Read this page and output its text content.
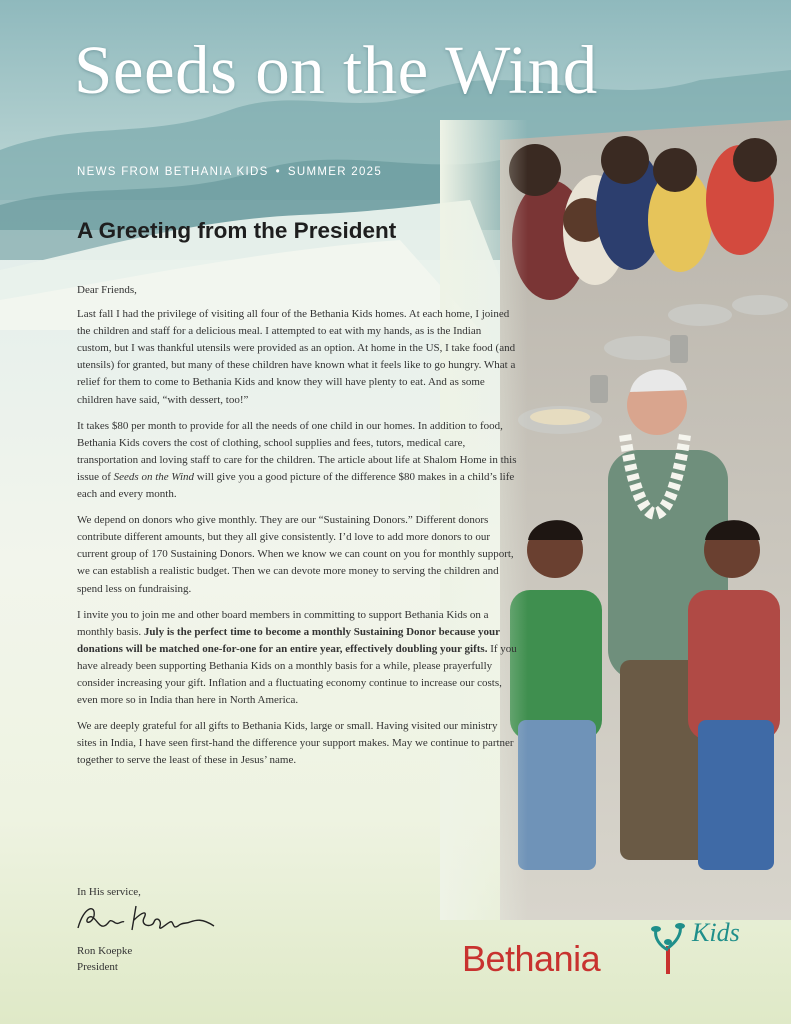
Seeds on the Wind
NEWS FROM BETHANIA KIDS • SUMMER 2025
A Greeting from the President

Dear Friends,

Last fall I had the privilege of visiting all four of the Bethania Kids homes. At each home, I joined the children and staff for a delicious meal. I attempted to eat with my hands, as is the Indian custom, but I was thankful utensils were provided as an option. At home in the US, I take food (and utensils) for granted, but many of these children have known what it feels like to go hungry. What a relief for them to come to Bethania Kids and know they will have plenty to eat. And as some children have said, “with dessert, too!”

It takes $80 per month to provide for all the needs of one child in our homes. In addition to food, Bethania Kids covers the cost of clothing, school supplies and fees, tutors, medical care, transportation and loving staff to care for the children. The article about life at Shalom Home in this issue of Seeds on the Wind will give you a good picture of the difference $80 makes in a child’s life each and every month.

We depend on donors who give monthly. They are our “Sustaining Donors.” Different donors contribute different amounts, but they all give consistently. I’d love to add more donors to our current group of 170 Sustaining Donors. When we know we can count on you for monthly support, we can establish a realistic budget. Then we can devote more money to serving the children and spend less on fundraising.

I invite you to join me and other board members in committing to support Bethania Kids on a monthly basis. July is the perfect time to become a monthly Sustaining Donor because your donations will be matched one-for-one for an entire year, effectively doubling your gifts. If you have already been supporting Bethania Kids on a monthly basis for a while, please prayerfully consider increasing your gift. Inflation and a fluctuating economy continue to increase our costs, even more so in India than here in North America.

We are deeply grateful for all gifts to Bethania Kids, large or small. Having visited our ministry sites in India, I have seen first-hand the difference your support makes. May we continue to partner together to serve the least of these in Jesus’ name.

In His service,
Ron Koepke
President	Bethania
Kids
